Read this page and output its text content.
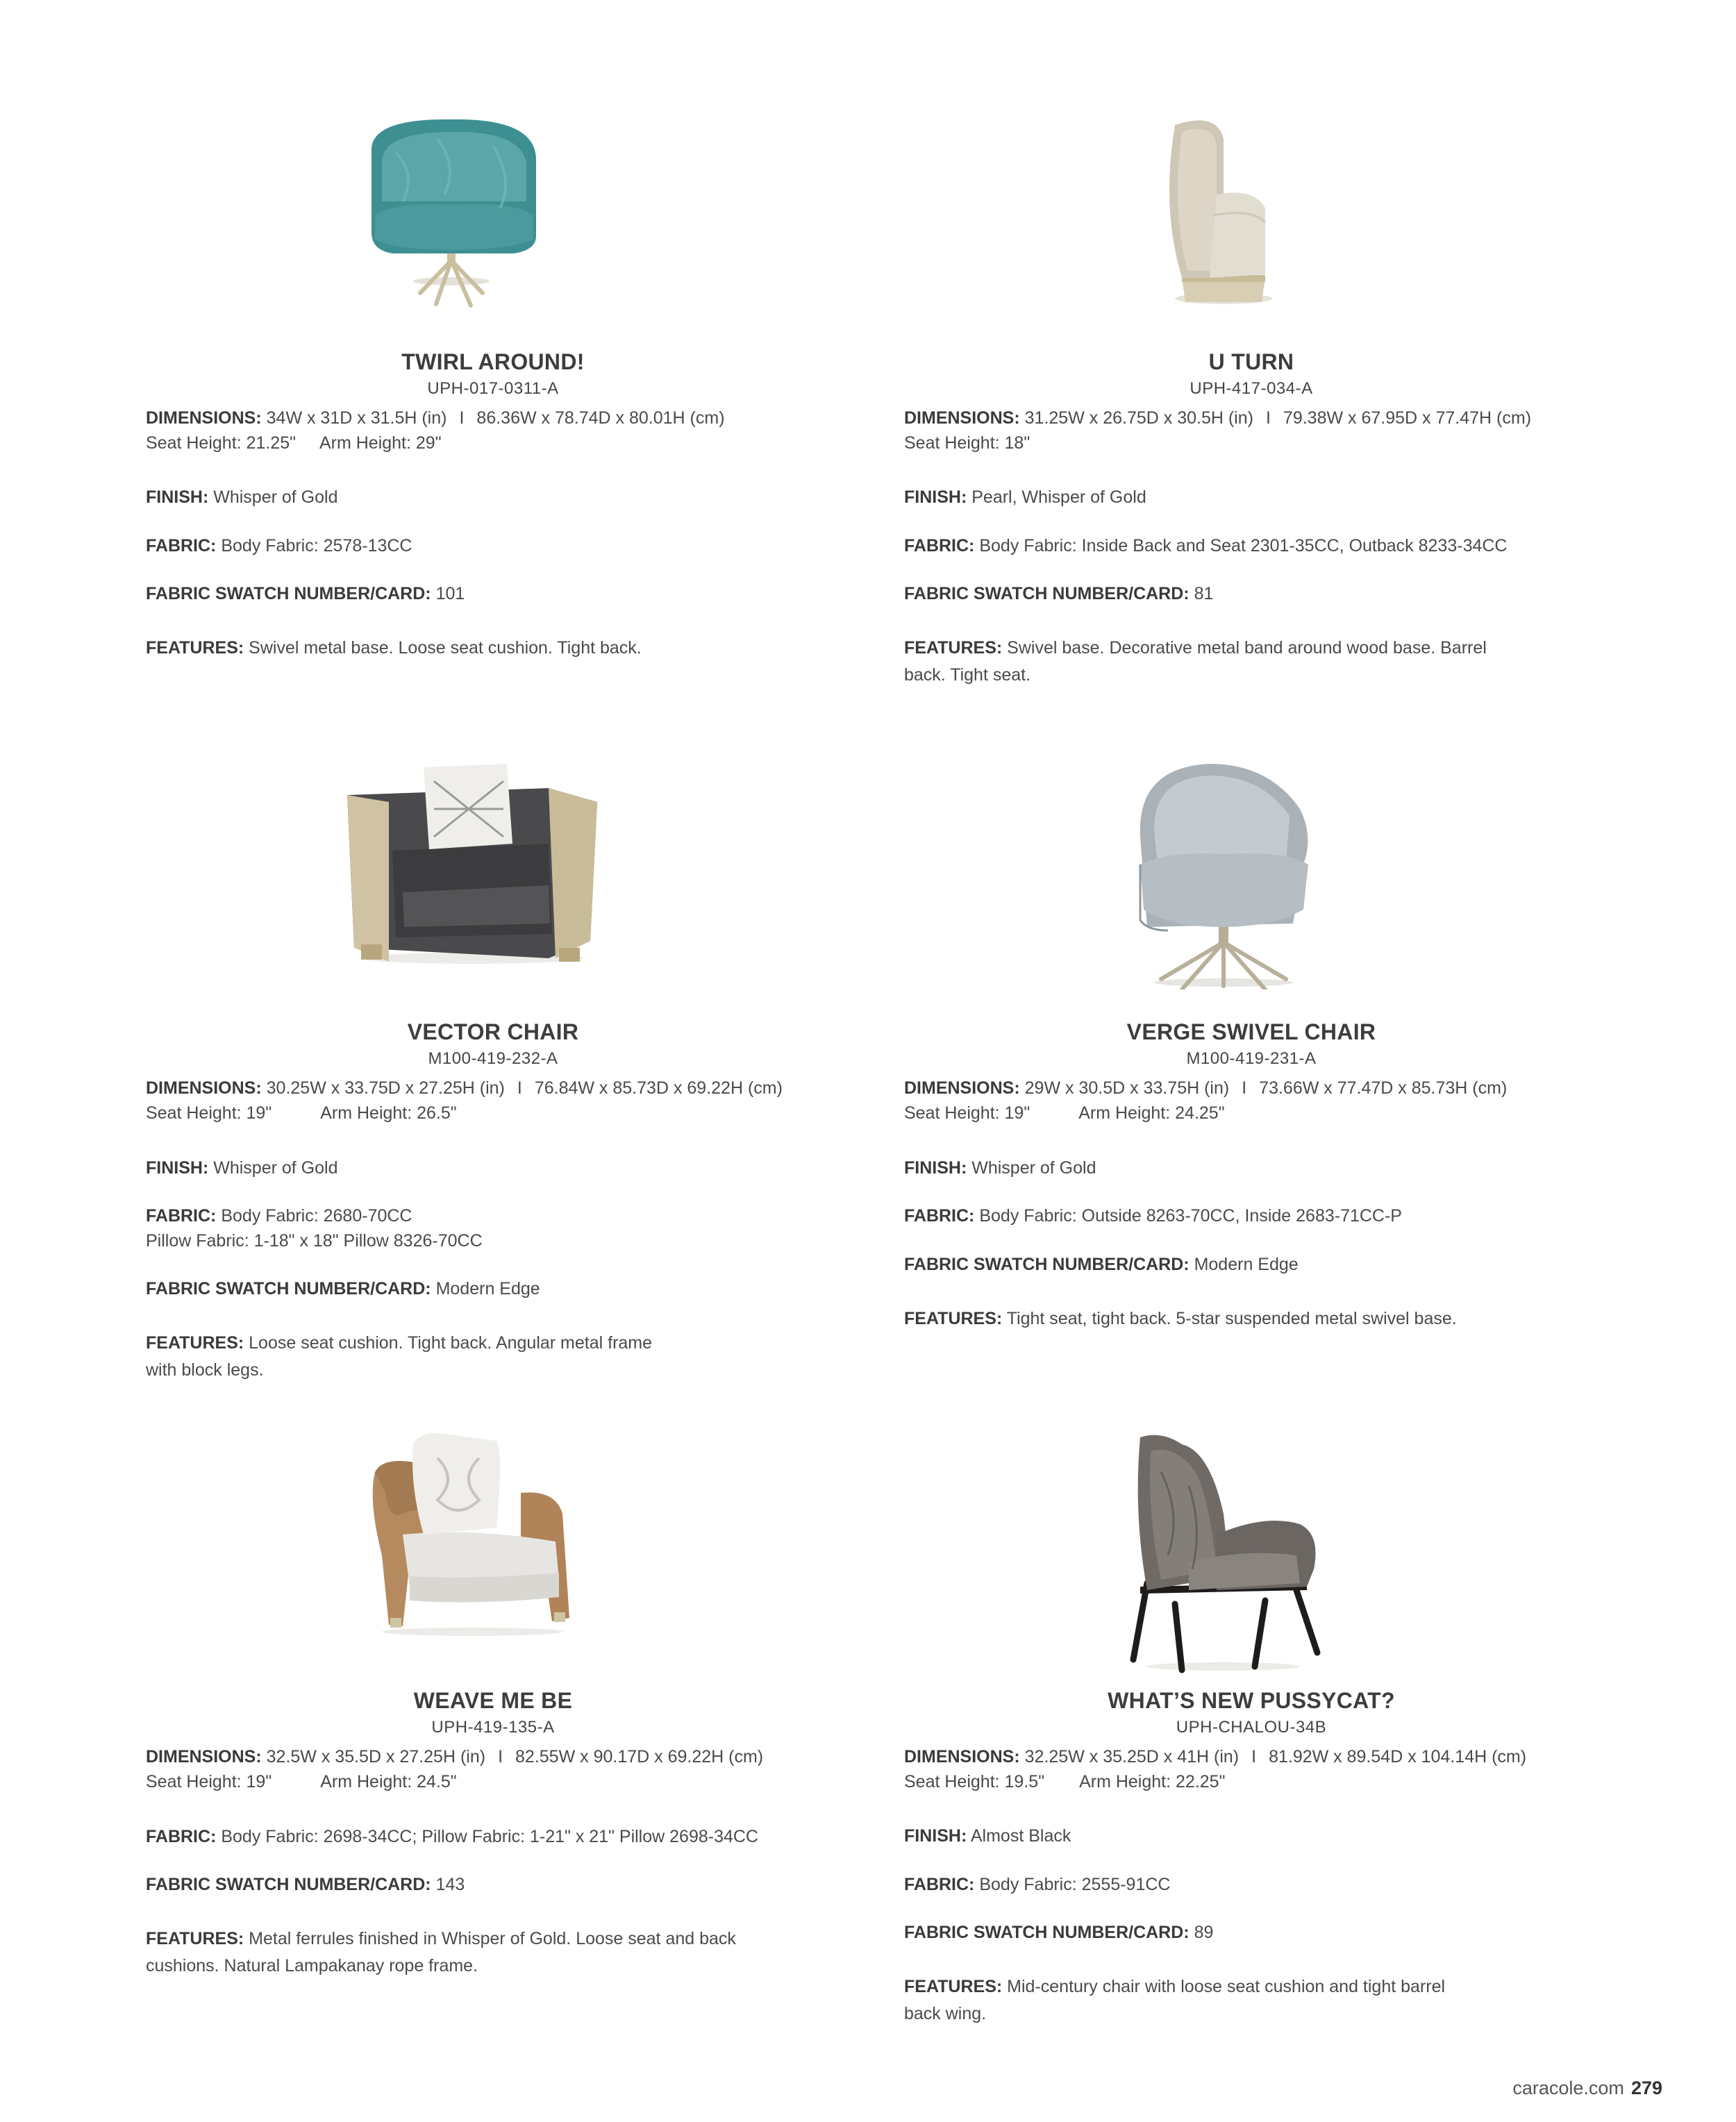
TWIRL AROUND!
UPH-017-0311-A
DIMENSIONS: 34W x 31D x 31.5H (in) I 86.36W x 78.74D x 80.01H (cm)
Seat Height: 21.25" Arm Height: 29"
FINISH: Whisper of Gold
FABRIC: Body Fabric: 2578-13CC
FABRIC SWATCH NUMBER/CARD: 101
FEATURES: Swivel metal base. Loose seat cushion. Tight back.
U TURN
UPH-417-034-A
DIMENSIONS: 31.25W x 26.75D x 30.5H (in) I 79.38W x 67.95D x 77.47H (cm)
Seat Height: 18"
FINISH: Pearl, Whisper of Gold
FABRIC: Body Fabric: Inside Back and Seat 2301-35CC, Outback 8233-34CC
FABRIC SWATCH NUMBER/CARD: 81
FEATURES: Swivel base. Decorative metal band around wood base. Barrel
back. Tight seat.
VECTOR CHAIR
M100-419-232-A
DIMENSIONS: 30.25W x 33.75D x 27.25H (in) I 76.84W x 85.73D x 69.22H (cm)
Seat Height: 19"	Arm Height: 26.5"
FINISH: Whisper of Gold
FABRIC: Body Fabric: 2680-70CC
Pillow Fabric: 1-18" x 18" Pillow 8326-70CC
FABRIC SWATCH NUMBER/CARD: Modern Edge
FEATURES: Loose seat cushion. Tight back. Angular metal frame
with block legs.
VERGE SWIVEL CHAIR
M100-419-231-A
DIMENSIONS: 29W x 30.5D x 33.75H (in) I 73.66W x 77.47D x 85.73H (cm)
Seat Height: 19"	Arm Height: 24.25"
FINISH: Whisper of Gold
FABRIC: Body Fabric: Outside 8263-70CC, Inside 2683-71CC-P
FABRIC SWATCH NUMBER/CARD: Modern Edge
FEATURES: Tight seat, tight back. 5-star suspended metal swivel base.
WEAVE ME BE
UPH-419-135-A
DIMENSIONS: 32.5W x 35.5D x 27.25H (in) I 82.55W x 90.17D x 69.22H (cm)
Seat Height: 19"	Arm Height: 24.5"
FABRIC: Body Fabric: 2698-34CC; Pillow Fabric: 1-21" x 21" Pillow 2698-34CC
FABRIC SWATCH NUMBER/CARD: 143
FEATURES: Metal ferrules finished in Whisper of Gold. Loose seat and back
cushions. Natural Lampakanay rope frame.
WHAT’S NEW PUSSYCAT?
UPH-CHALOU-34B
DIMENSIONS: 32.25W x 35.25D x 41H (in) I 81.92W x 89.54D x 104.14H (cm)
Seat Height: 19.5" Arm Height: 22.25"
FINISH: Almost Black
FABRIC: Body Fabric: 2555-91CC
FABRIC SWATCH NUMBER/CARD: 89
FEATURES: Mid-century chair with loose seat cushion and tight barrel
back wing.
caracole.com 279
